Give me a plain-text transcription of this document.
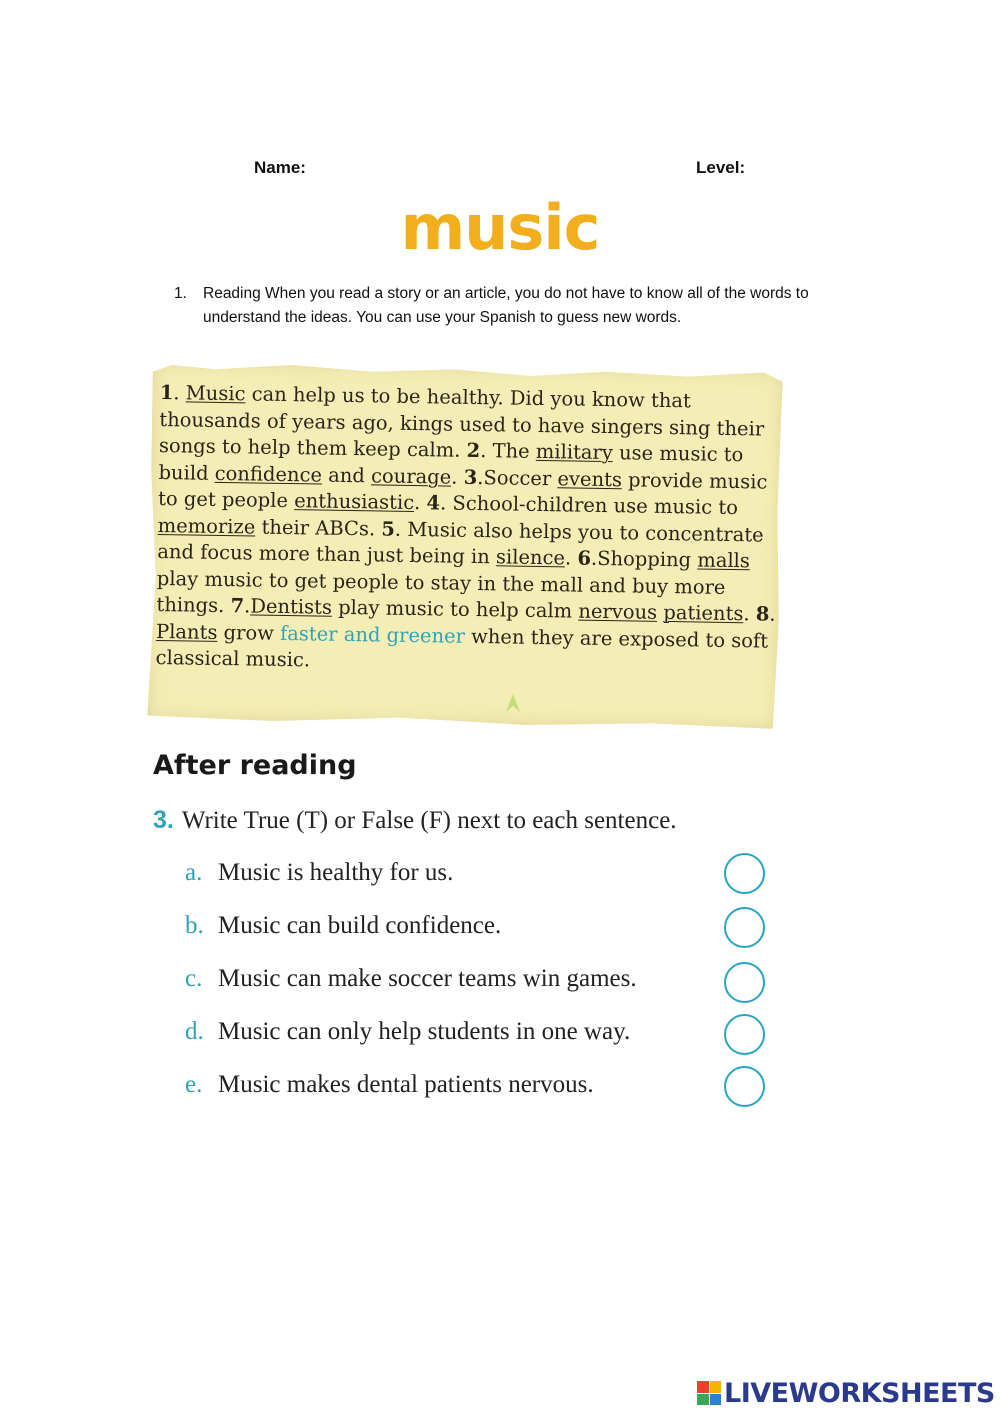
Name:	Level:
music
1. Reading When you read a story or an article, you do not have to know all of the words to understand the ideas. You can use your Spanish to guess new words.
1. Music can help us to be healthy. Did you know that thousands of years ago, kings used to have singers sing their songs to help them keep calm. 2. The military use music to build confidence and courage. 3.Soccer events provide music to get people enthusiastic. 4. School-children use music to memorize their ABCs. 5. Music also helps you to concentrate and focus more than just being in silence. 6.Shopping malls play music to get people to stay in the mall and buy more things. 7.Dentists play music to help calm nervous patients. 8. Plants grow faster and greener when they are exposed to soft classical music.
After reading
3. Write True (T) or False (F) next to each sentence.
a. Music is healthy for us.
b. Music can build confidence.
c. Music can make soccer teams win games.
d. Music can only help students in one way.
e. Music makes dental patients nervous.
LIVEWORKSHEETS
